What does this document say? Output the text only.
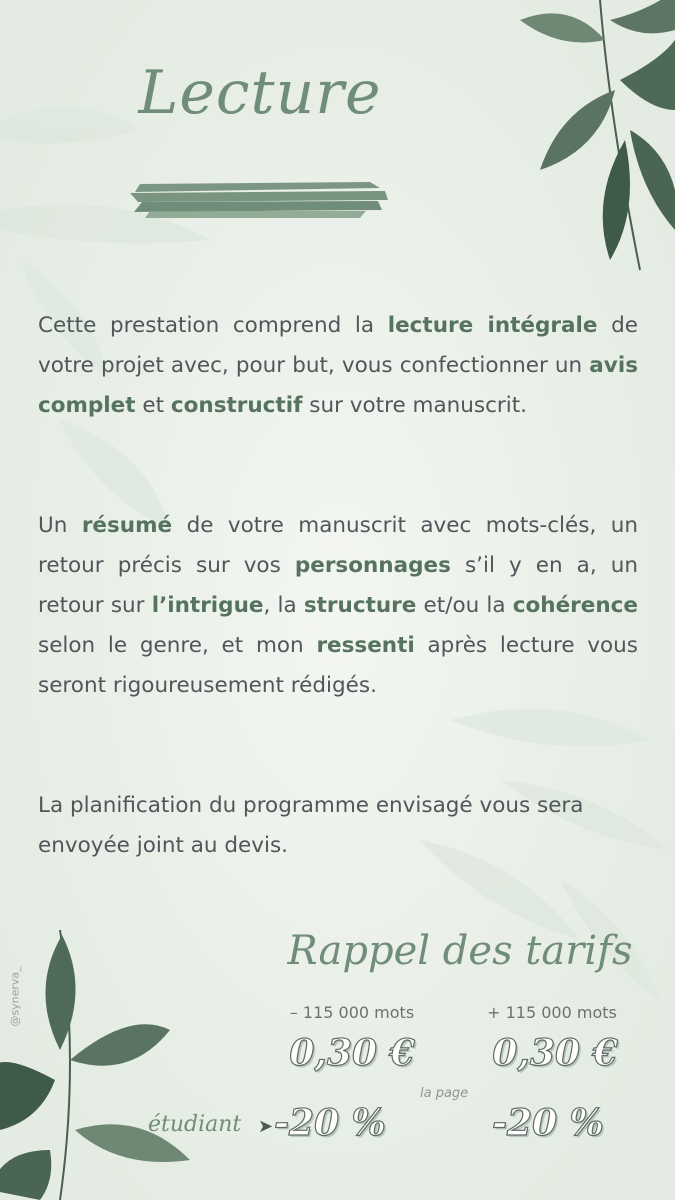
Lecture
Cette prestation comprend la lecture intégrale de votre projet avec, pour but, vous confectionner un avis complet et constructif sur votre manuscrit.
Un résumé de votre manuscrit avec mots-clés, un retour précis sur vos personnages s’il y en a, un retour sur l’intrigue, la structure et/ou la cohérence selon le genre, et mon ressenti après lecture vous seront rigoureusement rédigés.
La planification du programme envisagé vous sera envoyée joint au devis.
@synerva_
Rappel des tarifs
– 115 000 mots	+ 115 000 mots
0,30 €	0,30 €
la page
étudiant ➤ -20 %	-20 %
